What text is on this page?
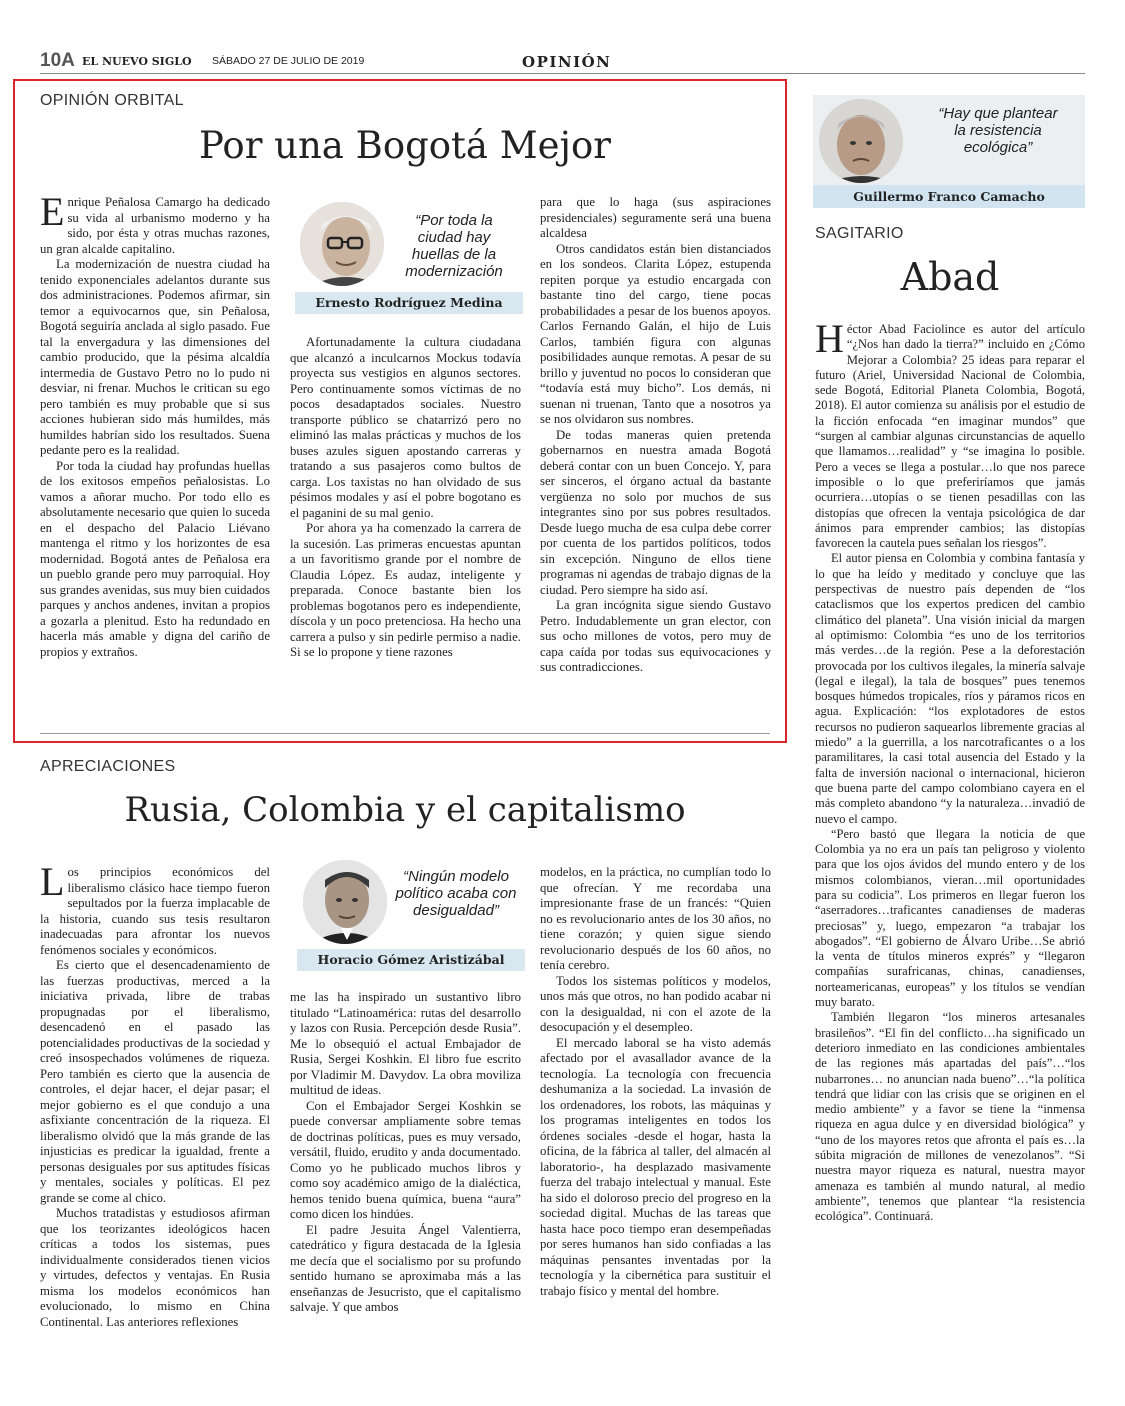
10A EL NUEVO SIGLO SÁBADO 27 DE JULIO DE 2019	OPINIÓN
OPINIÓN ORBITAL
Por una Bogotá Mejor

Enrique Peñalosa Camargo ha dedicado su vida al urbanismo moderno y ha sido, por ésta y otras muchas razones, un gran alcalde capitalino.

La modernización de nuestra ciudad ha tenido exponenciales adelantos durante sus dos administraciones. Podemos afirmar, sin temor a equivocarnos que, sin Peñalosa, Bogotá seguiría anclada al siglo pasado. Fue tal la envergadura y las dimensiones del cambio producido, que la pésima alcaldía intermedia de Gustavo Petro no lo pudo ni desviar, ni frenar. Muchos le critican su ego pero también es muy probable que si sus acciones hubieran sido más humildes, más humildes habrían sido los resultados. Suena pedante pero es la realidad.

Por toda la ciudad hay profundas huellas de los exitosos empeños peñalosistas. Lo vamos a añorar mucho. Por todo ello es absolutamente necesario que quien lo suceda en el despacho del Palacio Liévano mantenga el ritmo y los horizontes de esa modernidad. Bogotá antes de Peñalosa era un pueblo grande pero muy parroquial. Hoy sus grandes avenidas, sus muy bien cuidados parques y anchos andenes, invitan a propios a gozarla a plenitud. Esto ha redundado en hacerla más amable y digna del cariño de propios y extraños.

“Por toda la ciudad hay huellas de la modernización
Ernesto Rodríguez Medina

Afortunadamente la cultura ciudadana que alcanzó a inculcarnos Mockus todavía proyecta sus vestigios en algunos sectores. Pero continuamente somos víctimas de no pocos desadaptados sociales. Nuestro transporte público se chatarrizó pero no eliminó las malas prácticas y muchos de los buses azules siguen apostando carreras y tratando a sus pasajeros como bultos de carga. Los taxistas no han olvidado de sus pésimos modales y así el pobre bogotano es el paganini de su mal genio.

Por ahora ya ha comenzado la carrera de la sucesión. Las primeras encuestas apuntan a un favoritismo grande por el nombre de Claudia López. Es audaz, inteligente y preparada. Conoce bastante bien los problemas bogotanos pero es independiente, díscola y un poco pretenciosa. Ha hecho una carrera a pulso y sin pedirle permiso a nadie. Si se lo propone y tiene razones

para que lo haga (sus aspiraciones presidenciales) seguramente será una buena alcaldesa

Otros candidatos están bien distanciados en los sondeos. Clarita López, estupenda repiten porque ya estudio encargada con bastante tino del cargo, tiene pocas probabilidades a pesar de los buenos apoyos. Carlos Fernando Galán, el hijo de Luis Carlos, también figura con algunas posibilidades aunque remotas. A pesar de su brillo y juventud no pocos lo consideran que “todavía está muy bicho”. Los demás, ni suenan ni truenan, Tanto que a nosotros ya se nos olvidaron sus nombres.

De todas maneras quien pretenda gobernarnos en nuestra amada Bogotá deberá contar con un buen Concejo. Y, para ser sinceros, el órgano actual da bastante vergüenza no solo por muchos de sus integrantes sino por sus pobres resultados. Desde luego mucha de esa culpa debe correr por cuenta de los partidos políticos, todos sin excepción. Ninguno de ellos tiene programas ni agendas de trabajo dignas de la ciudad. Pero siempre ha sido así.

La gran incógnita sigue siendo Gustavo Petro. Indudablemente un gran elector, con sus ocho millones de votos, pero muy de capa caída por todas sus equivocaciones y sus contradicciones.

APRECIACIONES
Rusia, Colombia y el capitalismo

Los principios económicos del liberalismo clásico hace tiempo fueron sepultados por la fuerza implacable de la historia, cuando sus tesis resultaron inadecuadas para afrontar los nuevos fenómenos sociales y económicos.

Es cierto que el desencadenamiento de las fuerzas productivas, merced a la iniciativa privada, libre de trabas propugnadas por el liberalismo, desencadenó en el pasado las potencialidades productivas de la sociedad y creó insospechados volúmenes de riqueza. Pero también es cierto que la ausencia de controles, el dejar hacer, el dejar pasar; el mejor gobierno es el que condujo a una asfixiante concentración de la riqueza. El liberalismo olvidó que la más grande de las injusticias es predicar la igualdad, frente a personas desiguales por sus aptitudes físicas y mentales, sociales y políticas. El pez grande se come al chico.

Muchos tratadistas y estudiosos afirman que los teorizantes ideológicos hacen críticas a todos los sistemas, pues individualmente considerados tienen vicios y virtudes, defectos y ventajas. En Rusia misma los modelos económicos han evolucionado, lo mismo en China Continental. Las anteriores reflexiones

“Ningún modelo político acaba con desigualdad”
Horacio Gómez Aristizábal

me las ha inspirado un sustantivo libro titulado “Latinoamérica: rutas del desarrollo y lazos con Rusia. Percepción desde Rusia”. Me lo obsequió el actual Embajador de Rusia, Sergei Koshkin. El libro fue escrito por Vladimir M. Davydov. La obra moviliza multitud de ideas.

Con el Embajador Sergei Koshkin se puede conversar ampliamente sobre temas de doctrinas políticas, pues es muy versado, versátil, fluido, erudito y anda documentado. Como yo he publicado muchos libros y como soy académico amigo de la dialéctica, hemos tenido buena química, buena “aura” como dicen los hindúes.

El padre Jesuita Ángel Valentierra, catedrático y figura destacada de la Iglesia me decía que el socialismo por su profundo sentido humano se aproximaba más a las enseñanzas de Jesucristo, que el capitalismo salvaje. Y que ambos

modelos, en la práctica, no cumplían todo lo que ofrecían. Y me recordaba una impresionante frase de un francés: “Quien no es revolucionario antes de los 30 años, no tiene corazón; y quien sigue siendo revolucionario después de los 60 años, no tenía cerebro.

Todos los sistemas políticos y modelos, unos más que otros, no han podido acabar ni con la desigualdad, ni con el azote de la desocupación y el desempleo.

El mercado laboral se ha visto además afectado por el avasallador avance de la tecnología. La tecnología con frecuencia deshumaniza a la sociedad. La invasión de los ordenadores, los robots, las máquinas y los programas inteligentes en todos los órdenes sociales -desde el hogar, hasta la oficina, de la fábrica al taller, del almacén al laboratorio-, ha desplazado masivamente fuerza del trabajo intelectual y manual. Este ha sido el doloroso precio del progreso en la sociedad digital. Muchas de las tareas que hasta hace poco tiempo eran desempeñadas por seres humanos han sido confiadas a las máquinas pensantes inventadas por la tecnología y la cibernética para sustituir el trabajo físico y mental del hombre.

“Hay que plantear la resistencia ecológica”
Guillermo Franco Camacho
SAGITARIO
Abad

Héctor Abad Faciolince es autor del artículo “¿Nos han dado la tierra?” incluido en ¿Cómo Mejorar a Colombia? 25 ideas para reparar el futuro (Ariel, Universidad Nacional de Colombia, sede Bogotá, Editorial Planeta Colombia, Bogotá, 2018). El autor comienza su análisis por el estudio de la ficción enfocada “en imaginar mundos” que “surgen al cambiar algunas circunstancias de aquello que llamamos…realidad” y “se imagina lo posible. Pero a veces se llega a postular…lo que nos parece imposible o lo que preferiríamos que jamás ocurriera…utopías o se tienen pesadillas con las distopías que ofrecen la ventaja psicológica de dar ánimos para emprender cambios; las distopías favorecen la cautela pues señalan los riesgos”.

El autor piensa en Colombia y combina fantasía y lo que ha leído y meditado y concluye que las perspectivas de nuestro país dependen de “los cataclismos que los expertos predicen del cambio climático del planeta”. Una visión inicial da margen al optimismo: Colombia “es uno de los territorios más verdes…de la región. Pese a la deforestación provocada por los cultivos ilegales, la minería salvaje (legal e ilegal), la tala de bosques” pues tenemos bosques húmedos tropicales, ríos y páramos ricos en agua. Explicación: “los explotadores de estos recursos no pudieron saquearlos libremente gracias al miedo” a la guerrilla, a los narcotraficantes o a los paramilitares, la casi total ausencia del Estado y la falta de inversión nacional o internacional, hicieron que buena parte del campo colombiano cayera en el más completo abandono “y la naturaleza…invadió de nuevo el campo.

“Pero bastó que llegara la noticia de que Colombia ya no era un país tan peligroso y violento para que los ojos ávidos del mundo entero y de los mismos colombianos, vieran…mil oportunidades para su codicia”. Los primeros en llegar fueron los “aserradores…traficantes canadienses de maderas preciosas” y, luego, empezaron “a trabajar los abogados”. “El gobierno de Álvaro Uribe…Se abrió la venta de títulos mineros exprés” y “llegaron compañías surafricanas, chinas, canadienses, norteamericanas, europeas” y los títulos se vendían muy barato.

También llegaron “los mineros artesanales brasileños”. “El fin del conflicto…ha significado un deterioro inmediato en las condiciones ambientales de las regiones más apartadas del país”…“los nubarrones… no anuncian nada bueno”…“la política tendrá que lidiar con las crisis que se originen en el medio ambiente” y a favor se tiene la “inmensa riqueza en agua dulce y en diversidad biológica” y “uno de los mayores retos que afronta el país es…la súbita migración de millones de venezolanos”. “Si nuestra mayor riqueza es natural, nuestra mayor amenaza es también al mundo natural, al medio ambiente”, tenemos que plantear “la resistencia ecológica”. Continuará.
